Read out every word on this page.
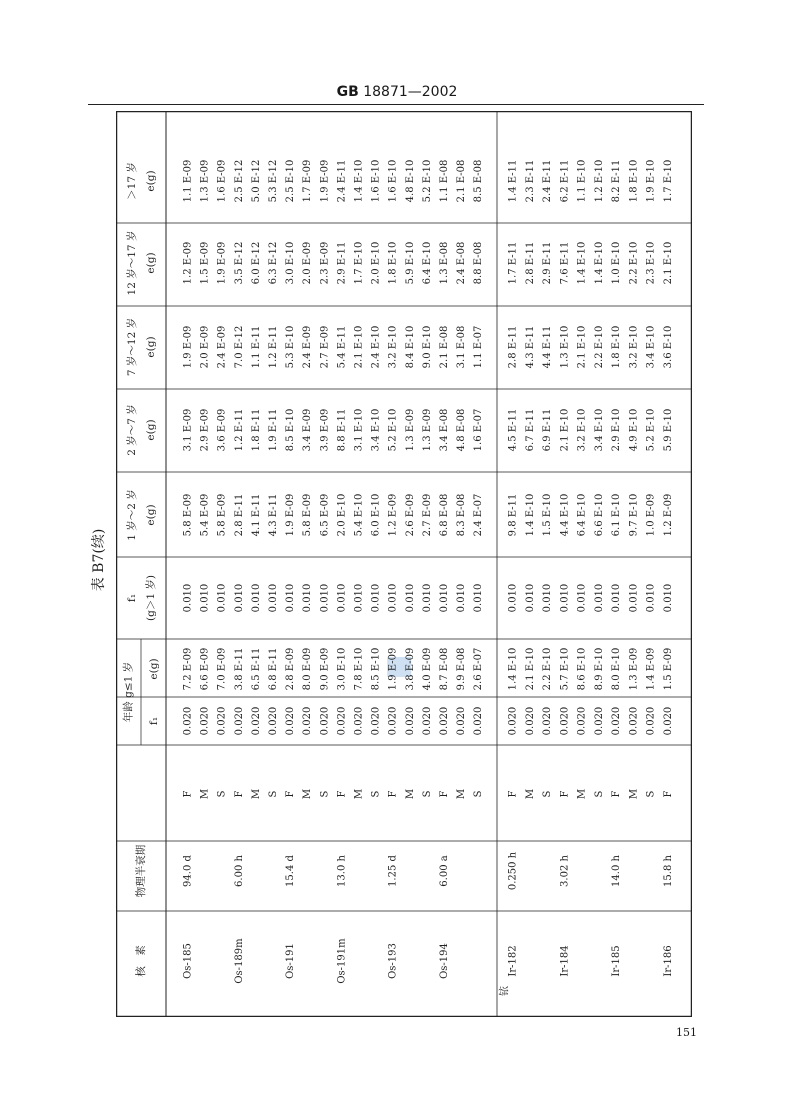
GB 18871—2002
表 B7(续)
核　素
物理半衰期
年龄 g≤1 岁 f₁
e(g)
f₁ (g＞1 岁)
1 岁～2 岁 e(g)
2 岁～7 岁 e(g)
7 岁～12 岁 e(g)
12 岁～17 岁 e(g)
＞17 岁 e(g)
铱
Os-185
94.0 d
F
0.020
7.2 E-09
0.010
5.8 E-09
3.1 E-09
1.9 E-09
1.2 E-09
1.1 E-09
M
0.020
6.6 E-09
0.010
5.4 E-09
2.9 E-09
2.0 E-09
1.5 E-09
1.3 E-09
S
0.020
7.0 E-09
0.010
5.8 E-09
3.6 E-09
2.4 E-09
1.9 E-09
1.6 E-09
Os-189m
6.00 h
F
0.020
3.8 E-11
0.010
2.8 E-11
1.2 E-11
7.0 E-12
3.5 E-12
2.5 E-12
M
0.020
6.5 E-11
0.010
4.1 E-11
1.8 E-11
1.1 E-11
6.0 E-12
5.0 E-12
S
0.020
6.8 E-11
0.010
4.3 E-11
1.9 E-11
1.2 E-11
6.3 E-12
5.3 E-12
Os-191
15.4 d
F
0.020
2.8 E-09
0.010
1.9 E-09
8.5 E-10
5.3 E-10
3.0 E-10
2.5 E-10
M
0.020
8.0 E-09
0.010
5.8 E-09
3.4 E-09
2.4 E-09
2.0 E-09
1.7 E-09
S
0.020
9.0 E-09
0.010
6.5 E-09
3.9 E-09
2.7 E-09
2.3 E-09
1.9 E-09
Os-191m
13.0 h
F
0.020
3.0 E-10
0.010
2.0 E-10
8.8 E-11
5.4 E-11
2.9 E-11
2.4 E-11
M
0.020
7.8 E-10
0.010
5.4 E-10
3.1 E-10
2.1 E-10
1.7 E-10
1.4 E-10
S
0.020
8.5 E-10
0.010
6.0 E-10
3.4 E-10
2.4 E-10
2.0 E-10
1.6 E-10
Os-193
1.25 d
F
0.020
1.9 E-09
0.010
1.2 E-09
5.2 E-10
3.2 E-10
1.8 E-10
1.6 E-10
M
0.020
3.8 E-09
0.010
2.6 E-09
1.3 E-09
8.4 E-10
5.9 E-10
4.8 E-10
S
0.020
4.0 E-09
0.010
2.7 E-09
1.3 E-09
9.0 E-10
6.4 E-10
5.2 E-10
Os-194
6.00 a
F
0.020
8.7 E-08
0.010
6.8 E-08
3.4 E-08
2.1 E-08
1.3 E-08
1.1 E-08
M
0.020
9.9 E-08
0.010
8.3 E-08
4.8 E-08
3.1 E-08
2.4 E-08
2.1 E-08
S
0.020
2.6 E-07
0.010
2.4 E-07
1.6 E-07
1.1 E-07
8.8 E-08
8.5 E-08
Ir-182
0.250 h
F
0.020
1.4 E-10
0.010
9.8 E-11
4.5 E-11
2.8 E-11
1.7 E-11
1.4 E-11
M
0.020
2.1 E-10
0.010
1.4 E-10
6.7 E-11
4.3 E-11
2.8 E-11
2.3 E-11
S
0.020
2.2 E-10
0.010
1.5 E-10
6.9 E-11
4.4 E-11
2.9 E-11
2.4 E-11
Ir-184
3.02 h
F
0.020
5.7 E-10
0.010
4.4 E-10
2.1 E-10
1.3 E-10
7.6 E-11
6.2 E-11
M
0.020
8.6 E-10
0.010
6.4 E-10
3.2 E-10
2.1 E-10
1.4 E-10
1.1 E-10
S
0.020
8.9 E-10
0.010
6.6 E-10
3.4 E-10
2.2 E-10
1.4 E-10
1.2 E-10
Ir-185
14.0 h
F
0.020
8.0 E-10
0.010
6.1 E-10
2.9 E-10
1.8 E-10
1.0 E-10
8.2 E-11
M
0.020
1.3 E-09
0.010
9.7 E-10
4.9 E-10
3.2 E-10
2.2 E-10
1.8 E-10
S
0.020
1.4 E-09
0.010
1.0 E-09
5.2 E-10
3.4 E-10
2.3 E-10
1.9 E-10
Ir-186
15.8 h
F
0.020
1.5 E-09
0.010
1.2 E-09
5.9 E-10
3.6 E-10
2.1 E-10
1.7 E-10
151
